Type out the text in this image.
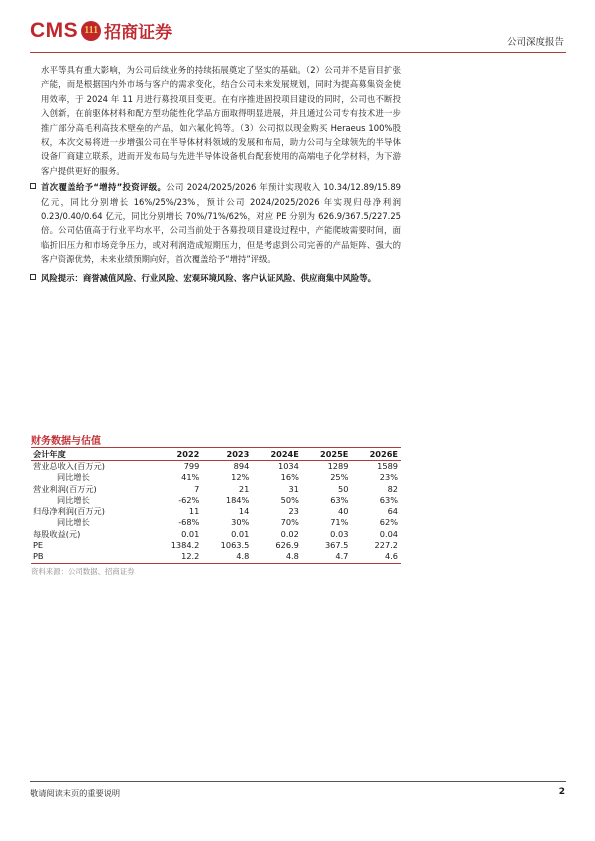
CMS 111 招商证券	公司深度报告

水平等具有重大影响，为公司后续业务的持续拓展奠定了坚实的基础。（2）公司并不是盲目扩张产能，而是根据国内外市场与客户的需求变化，结合公司未来发展规划，同时为提高募集资金使用效率，于 2024 年 11 月进行募投项目变更。在有序推进固投项目建设的同时，公司也不断投入创新，在前驱体材料和配方型功能性化学品方面取得明显进展，并且通过公司专有技术进一步推广部分高毛利高技术壁垒的产品，如六氟化钨等。（3）公司拟以现金购买 Heraeus 100%股权，本次交易将进一步增强公司在半导体材料领域的发展和布局，助力公司与全球领先的半导体设备厂商建立联系，进而开发布局与先进半导体设备机台配套使用的高端电子化学材料，为下游客户提供更好的服务。

首次覆盖给予“增持”投资评级。公司 2024/2025/2026 年预计实现收入 10.34/12.89/15.89 亿元，同比分别增长 16%/25%/23%，预计公司 2024/2025/2026 年实现归母净利润 0.23/0.40/0.64 亿元，同比分别增长 70%/71%/62%，对应 PE 分别为 626.9/367.5/227.25 倍。公司估值高于行业平均水平，公司当前处于各募投项目建设过程中，产能爬坡需要时间，面临折旧压力和市场竞争压力，或对利润造成短期压力，但是考虑到公司完善的产品矩阵、强大的客户资源优势，未来业绩预期向好，首次覆盖给予“增持”评级。
风险提示：商誉减值风险、行业风险、宏观环境风险、客户认证风险、供应商集中风险等。
财务数据与估值
会计年度	2022	2023	2024E	2025E	2026E
营业总收入(百万元)	799	894	1034	1289	1589
同比增长	41%	12%	16%	25%	23%
营业利润(百万元)	7	21	31	50	82
同比增长	-62%	184%	50%	63%	63%
归母净利润(百万元)	11	14	23	40	64
同比增长	-68%	30%	70%	71%	62%
每股收益(元)	0.01	0.01	0.02	0.03	0.04
PE	1384.2	1063.5	626.9	367.5	227.2
PB	12.2	4.8	4.8	4.7	4.6
资料来源：公司数据、招商证券
敬请阅读末页的重要说明	2
